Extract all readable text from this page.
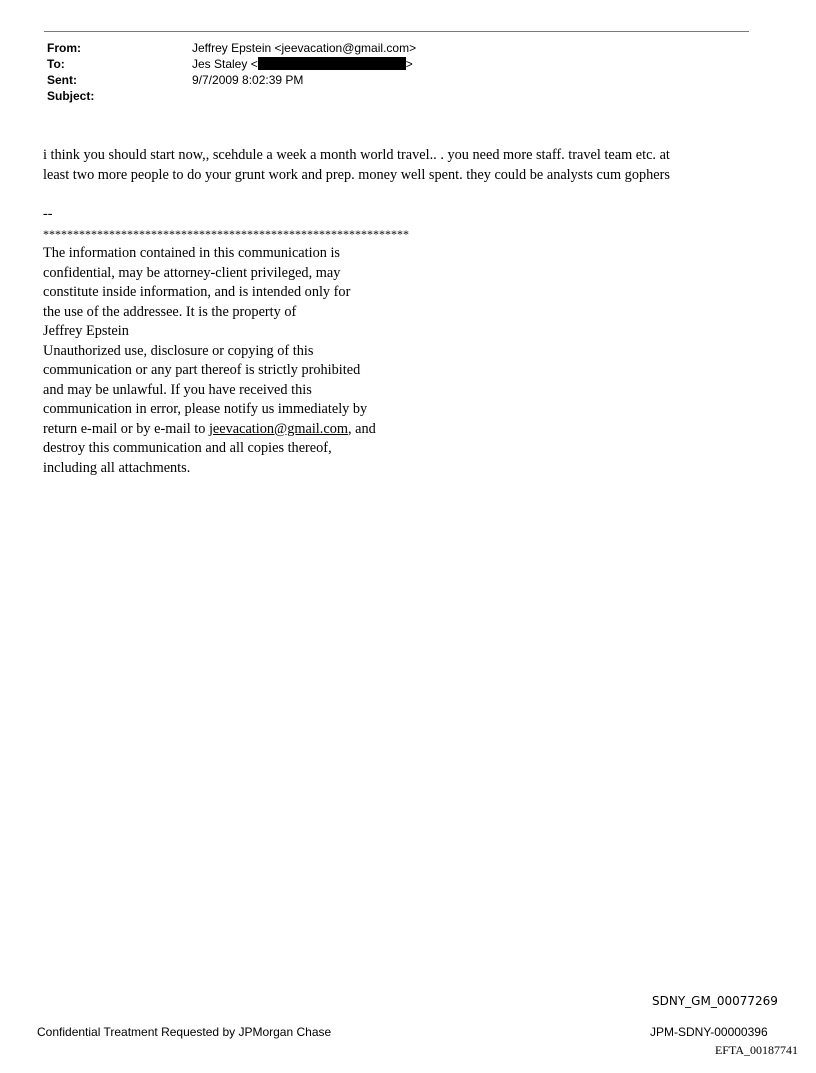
From:	Jeffrey Epstein <jeevacation@gmail.com>
To:	Jes Staley <	>
Sent:	9/7/2009 8:02:39 PM
Subject:

i think you should start now,, scehdule a week a month world travel.. . you need more staff. travel team etc. at

least two more people to do your grunt work and prep. money well spent. they could be analysts cum gophers

--
*************************************************************
The information contained in this communication is
confidential, may be attorney-client privileged, may
constitute inside information, and is intended only for
the use of the addressee. It is the property of
Jeffrey Epstein
Unauthorized use, disclosure or copying of this
communication or any part thereof is strictly prohibited
and may be unlawful. If you have received this
communication in error, please notify us immediately by
return e-mail or by e-mail to jeevacation@gmail.com, and
destroy this communication and all copies thereof,
including all attachments.
SDNY_GM_00077269
Confidential Treatment Requested by JPMorgan Chase	JPM-SDNY-00000396
EFTA_00187741
